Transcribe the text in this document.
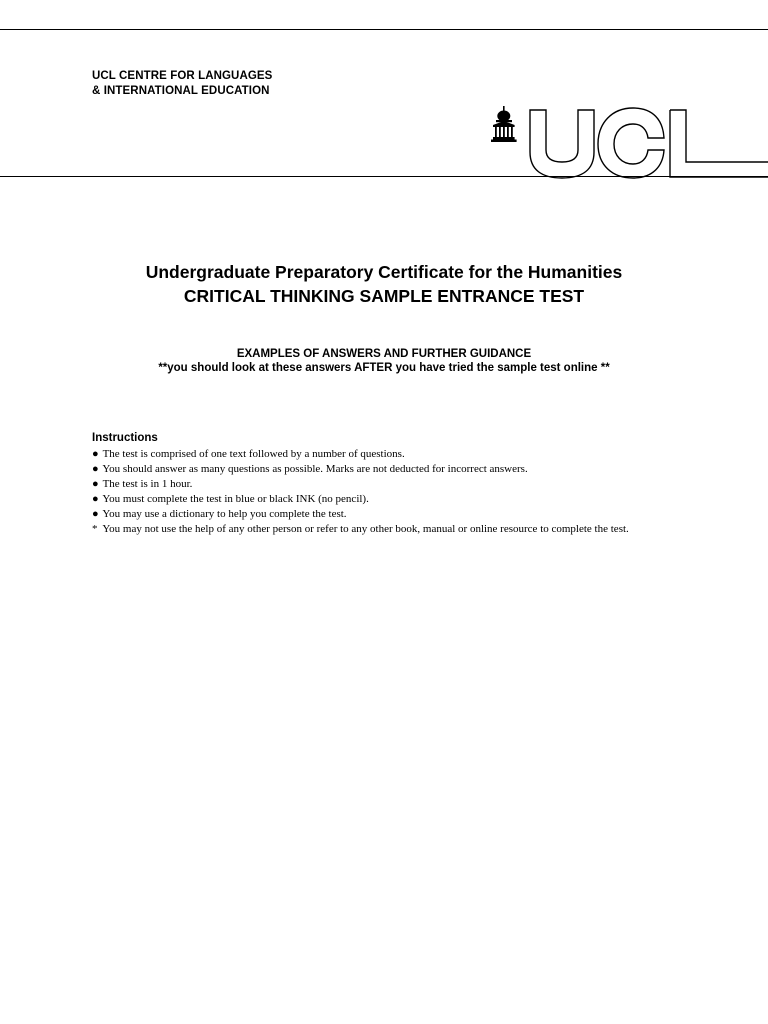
UCL CENTRE FOR LANGUAGES
& INTERNATIONAL EDUCATION
Undergraduate Preparatory Certificate for the Humanities
CRITICAL THINKING SAMPLE ENTRANCE TEST
EXAMPLES OF ANSWERS AND FURTHER GUIDANCE
**you should look at these answers AFTER you have tried the sample test online **
Instructions
● The test is comprised of one text followed by a number of questions.
● You should answer as many questions as possible. Marks are not deducted for incorrect answers.
● The test is in 1 hour.
● You must complete the test in blue or black INK (no pencil).
● You may use a dictionary to help you complete the test.
* You may not use the help of any other person or refer to any other book, manual or online resource to complete the test.
